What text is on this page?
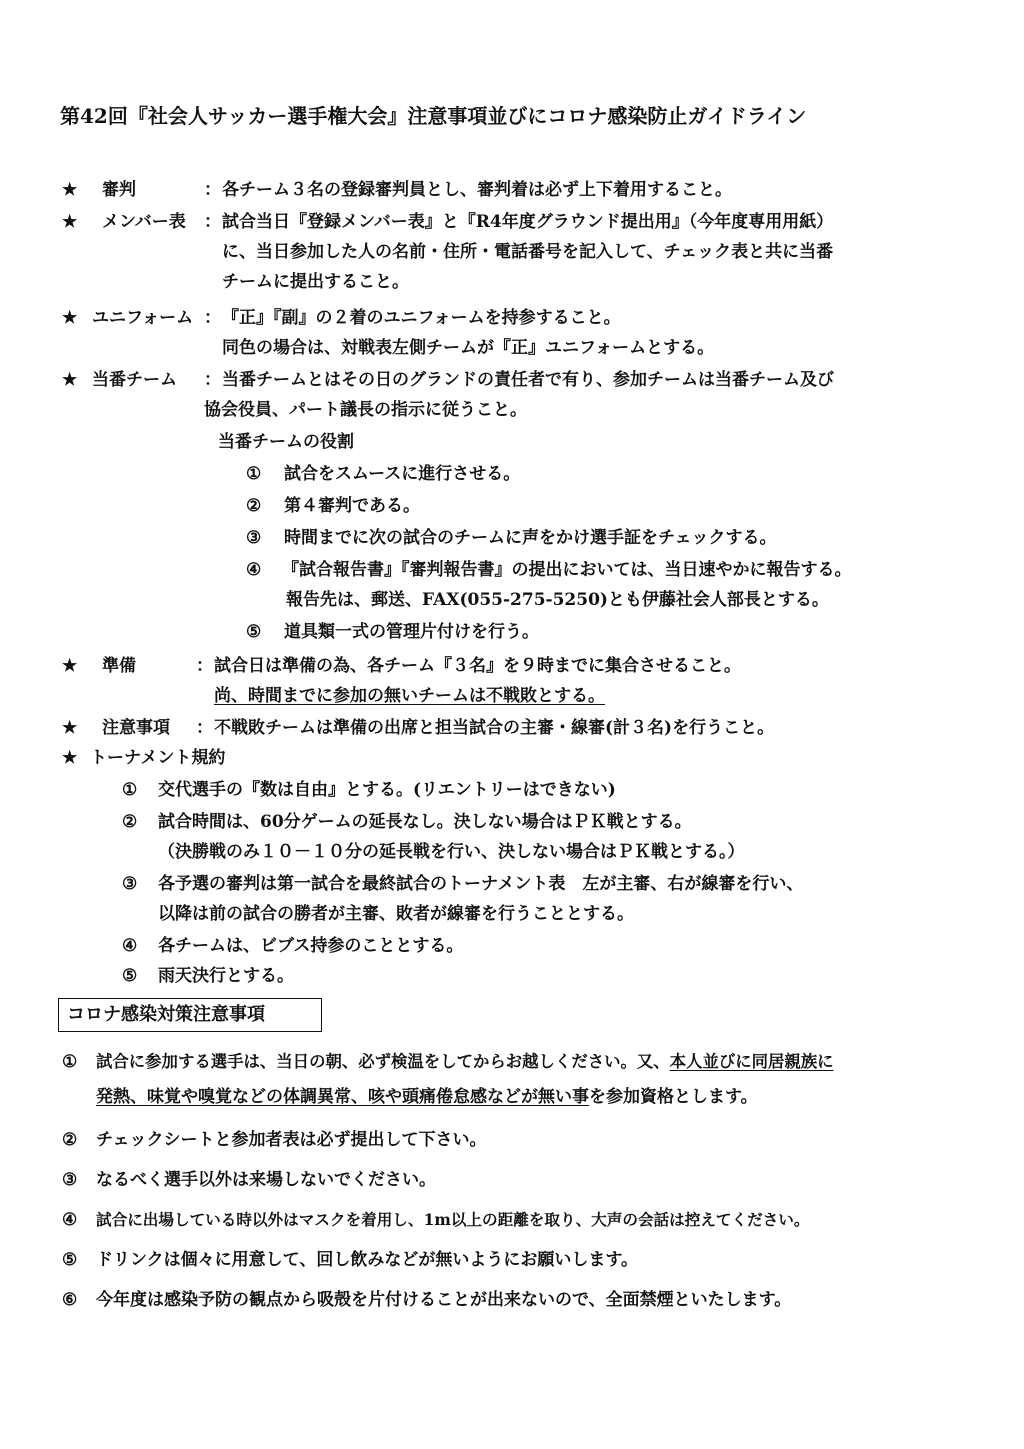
第42回『社会人サッカー選手権大会』注意事項並びにコロナ感染防止ガイドライン
★ 審判	： 各チーム３名の登録審判員とし、審判着は必ず上下着用すること。
★ メンバー表 ： 試合当日『登録メンバー表』と『R4年度グラウンド提出用』（今年度専用用紙）
に、当日参加した人の名前・住所・電話番号を記入して、チェック表と共に当番
チームに提出すること。
★ ユニフォーム ： 『正』『副』の２着のユニフォームを持参すること。
同色の場合は、対戦表左側チームが『正』ユニフォームとする。
★ 当番チーム ： 当番チームとはその日のグランドの責任者で有り、参加チームは当番チーム及び
協会役員、パート議長の指示に従うこと。
当番チームの役割
① 試合をスムースに進行させる。
② 第４審判である。
③ 時間までに次の試合のチームに声をかけ選手証をチェックする。
④ 『試合報告書』『審判報告書』の提出においては、当日速やかに報告する。
報告先は、郵送、FAX(055-275-5250)とも伊藤社会人部長とする。
⑤ 道具類一式の管理片付けを行う。
★ 準備	： 試合日は準備の為、各チーム『３名』を９時までに集合させること。
尚、時間までに参加の無いチームは不戦敗とする。
★ 注意事項 ： 不戦敗チームは準備の出席と担当試合の主審・線審(計３名)を行うこと。
★ トーナメント規約
① 交代選手の『数は自由』とする。(リエントリーはできない)
② 試合時間は、60分ゲームの延長なし。決しない場合はＰＫ戦とする。
（決勝戦のみ１０－１０分の延長戦を行い、決しない場合はＰＫ戦とする。）
③ 各予選の審判は第一試合を最終試合のトーナメント表　左が主審、右が線審を行い、
以降は前の試合の勝者が主審、敗者が線審を行うこととする。
④ 各チームは、ビブス持参のこととする。
⑤ 雨天決行とする。
コロナ感染対策注意事項
① 試合に参加する選手は、当日の朝、必ず検温をしてからお越しください。又、本人並びに同居親族に
発熱、味覚や嗅覚などの体調異常、咳や頭痛倦怠感などが無い事を参加資格とします。
② チェックシートと参加者表は必ず提出して下さい。
③ なるべく選手以外は来場しないでください。
④ 試合に出場している時以外はマスクを着用し、1m以上の距離を取り、大声の会話は控えてください。
⑤ ドリンクは個々に用意して、回し飲みなどが無いようにお願いします。
⑥ 今年度は感染予防の観点から吸殻を片付けることが出来ないので、全面禁煙といたします。
